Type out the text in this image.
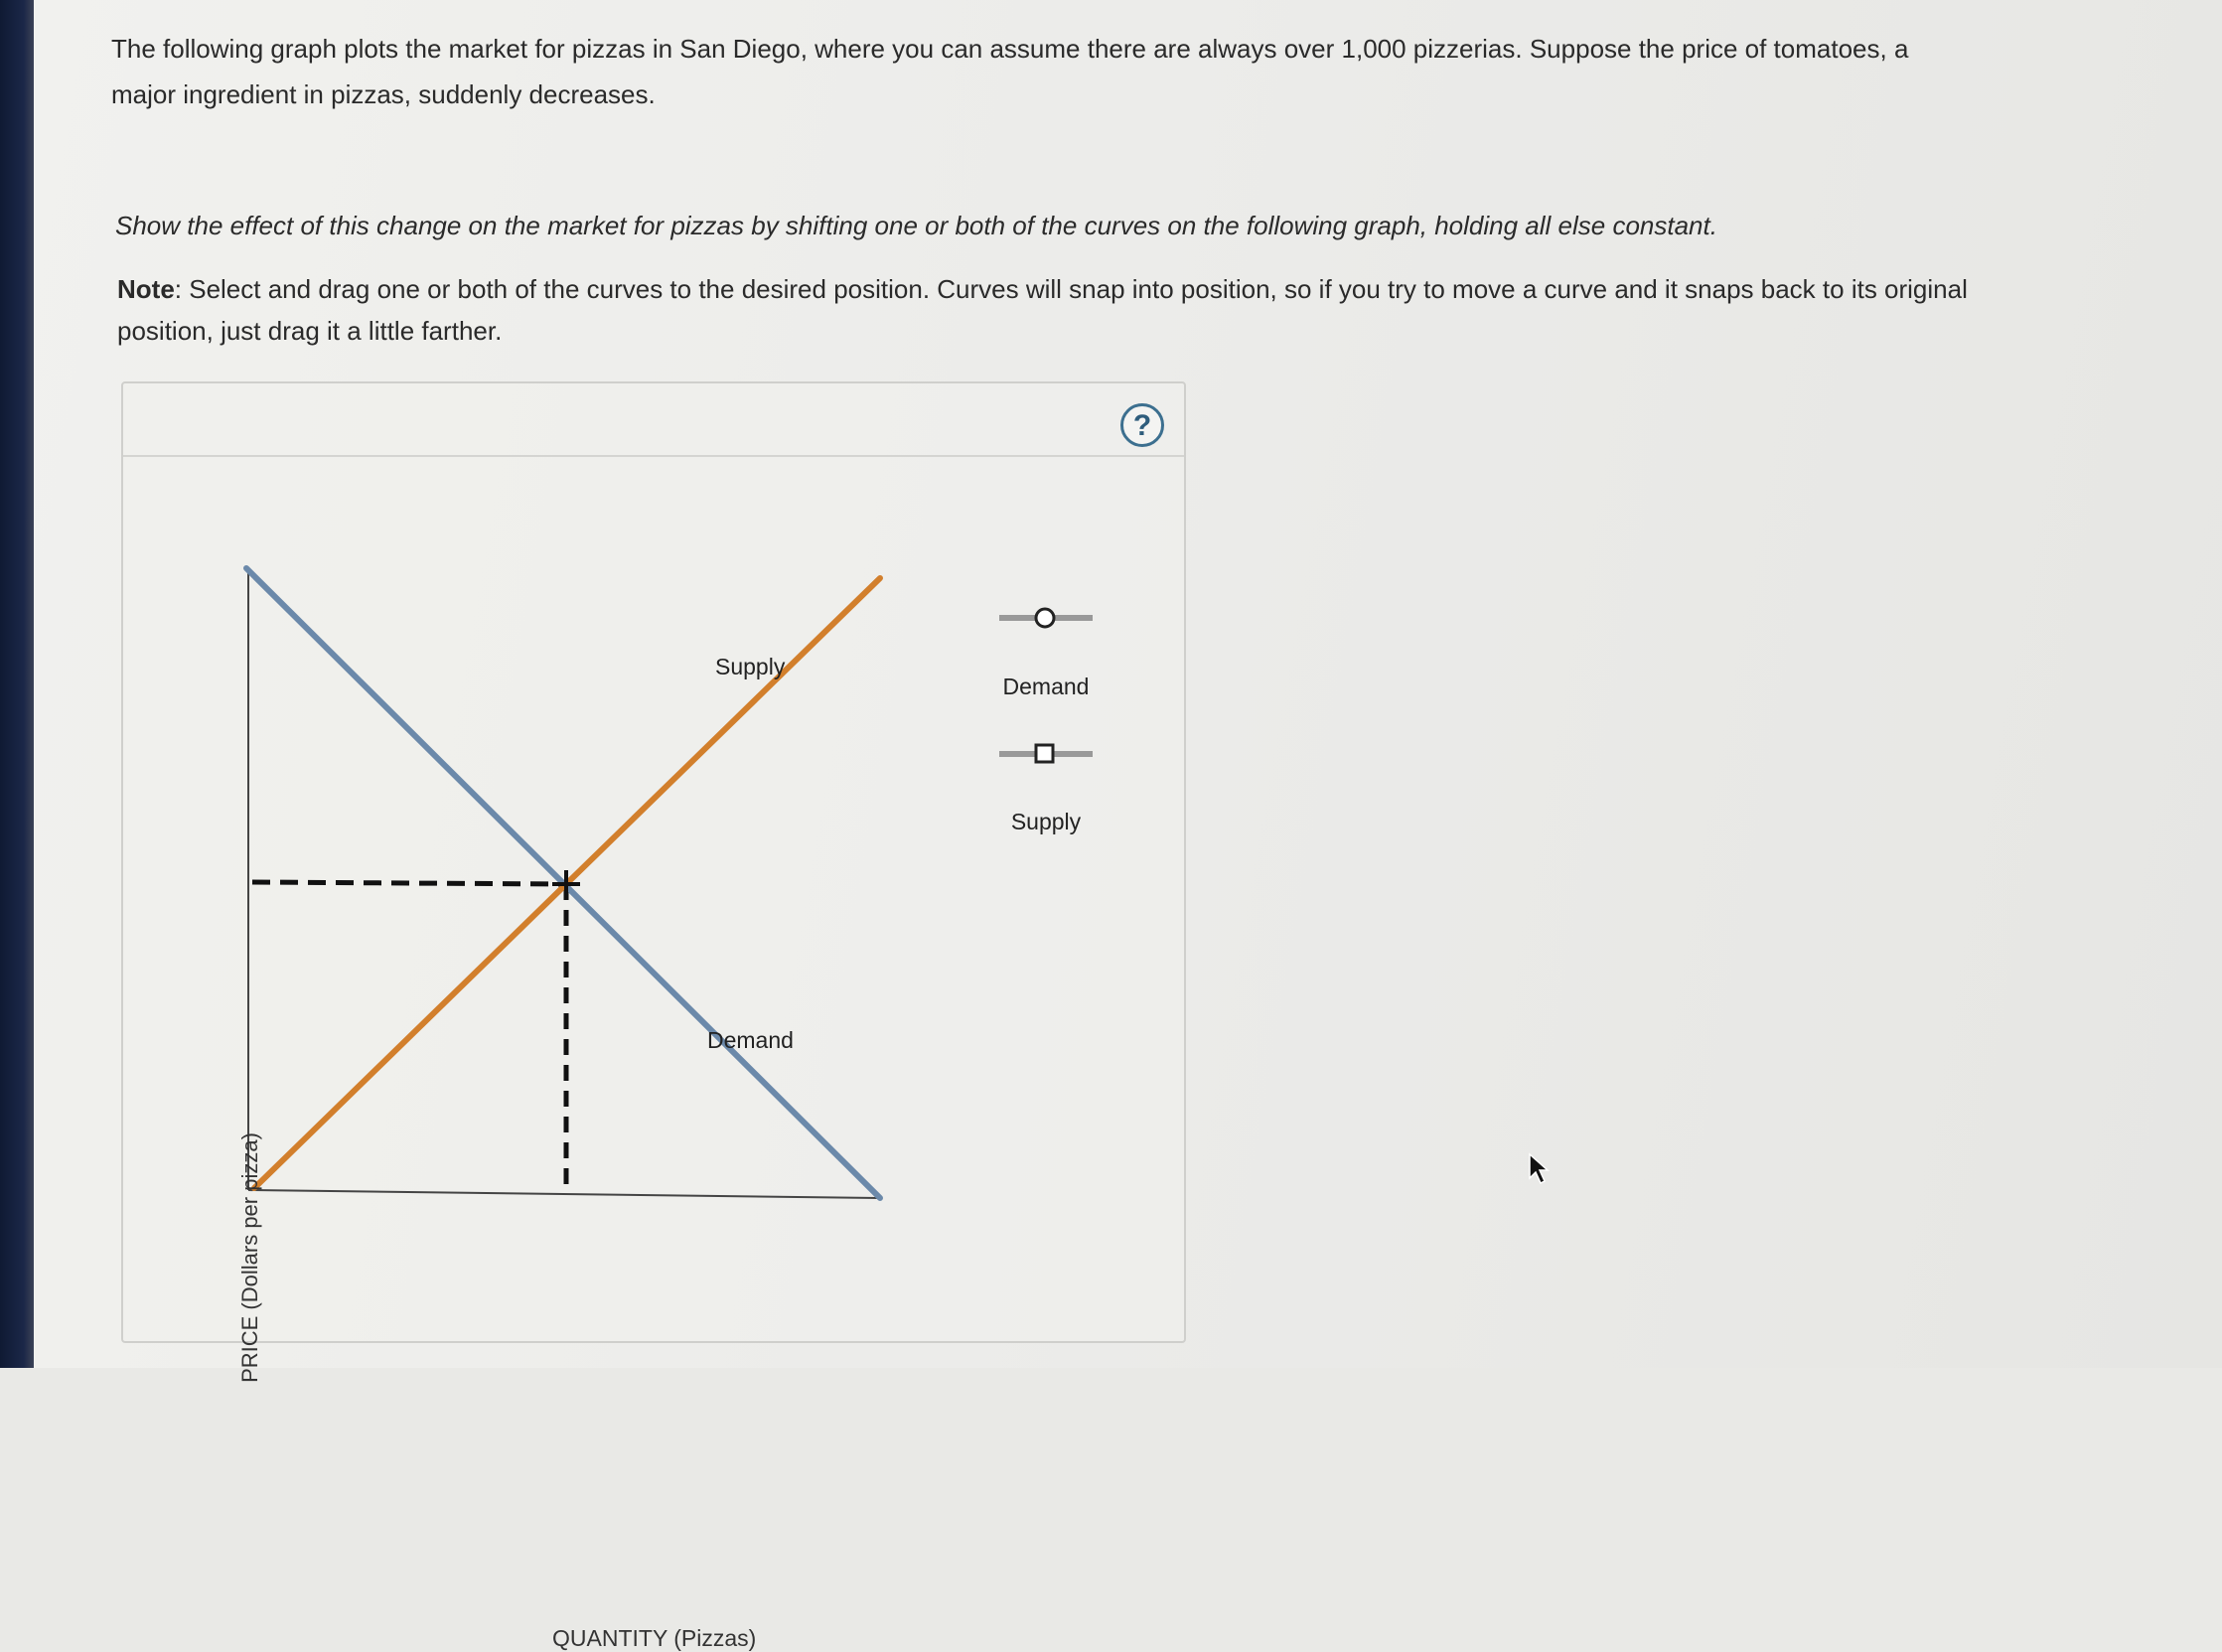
The following graph plots the market for pizzas in San Diego, where you can assume there are always over 1,000 pizzerias. Suppose the price of tomatoes, a major ingredient in pizzas, suddenly decreases.

Show the effect of this change on the market for pizzas by shifting one or both of the curves on the following graph, holding all else constant.

Note: Select and drag one or both of the curves to the desired position. Curves will snap into position, so if you try to move a curve and it snaps back to its original position, just drag it a little farther.

?
PRICE (Dollars per pizza)
QUANTITY (Pizzas)
Supply
Demand
Demand
Supply
